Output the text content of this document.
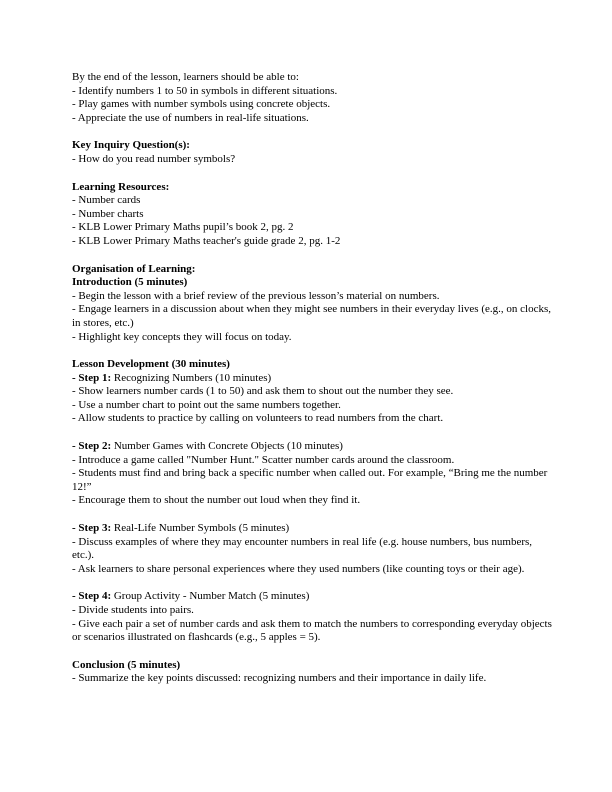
By the end of the lesson, learners should be able to:
- Identify numbers 1 to 50 in symbols in different situations.
- Play games with number symbols using concrete objects.
- Appreciate the use of numbers in real-life situations.
Key Inquiry Question(s):
- How do you read number symbols?
Learning Resources:
- Number cards
- Number charts
- KLB Lower Primary Maths pupil’s book 2, pg. 2
- KLB Lower Primary Maths teacher's guide grade 2, pg. 1-2
Organisation of Learning:
Introduction (5 minutes)
- Begin the lesson with a brief review of the previous lesson’s material on numbers.
- Engage learners in a discussion about when they might see numbers in their everyday lives (e.g., on clocks, in stores, etc.)
- Highlight key concepts they will focus on today.
Lesson Development (30 minutes)
- Step 1: Recognizing Numbers (10 minutes)
- Show learners number cards (1 to 50) and ask them to shout out the number they see.
- Use a number chart to point out the same numbers together.
- Allow students to practice by calling on volunteers to read numbers from the chart.
- Step 2: Number Games with Concrete Objects (10 minutes)
- Introduce a game called "Number Hunt." Scatter number cards around the classroom.
- Students must find and bring back a specific number when called out. For example, “Bring me the number 12!”
- Encourage them to shout the number out loud when they find it.
- Step 3: Real-Life Number Symbols (5 minutes)
- Discuss examples of where they may encounter numbers in real life (e.g. house numbers, bus numbers, etc.).
- Ask learners to share personal experiences where they used numbers (like counting toys or their age).
- Step 4: Group Activity - Number Match (5 minutes)
- Divide students into pairs.
- Give each pair a set of number cards and ask them to match the numbers to corresponding everyday objects or scenarios illustrated on flashcards (e.g., 5 apples = 5).
Conclusion (5 minutes)
- Summarize the key points discussed: recognizing numbers and their importance in daily life.
